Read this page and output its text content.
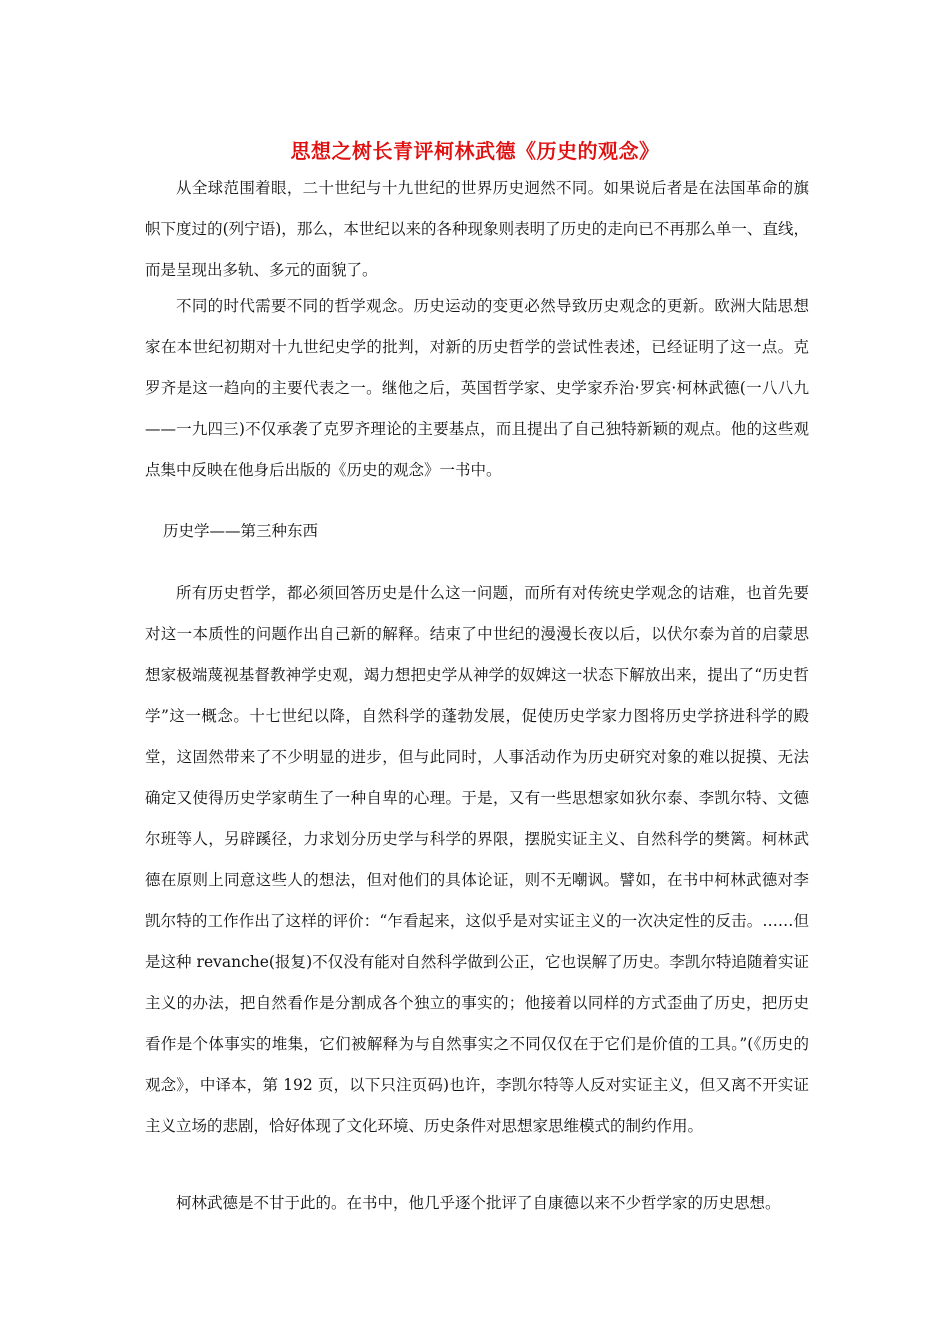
思想之树长青评柯林武德《历史的观念》

从全球范围着眼，二十世纪与十九世纪的世界历史迥然不同。如果说后者是在法国革命的旗帜下度过的(列宁语)，那么，本世纪以来的各种现象则表明了历史的走向已不再那么单一、直线，而是呈现出多轨、多元的面貌了。

不同的时代需要不同的哲学观念。历史运动的变更必然导致历史观念的更新。欧洲大陆思想家在本世纪初期对十九世纪史学的批判，对新的历史哲学的尝试性表述，已经证明了这一点。克罗齐是这一趋向的主要代表之一。继他之后，英国哲学家、史学家乔治·罗宾·柯林武德(一八八九——一九四三)不仅承袭了克罗齐理论的主要基点，而且提出了自己独特新颖的观点。他的这些观点集中反映在他身后出版的《历史的观念》一书中。

历史学——第三种东西

所有历史哲学，都必须回答历史是什么这一问题，而所有对传统史学观念的诘难，也首先要对这一本质性的问题作出自己新的解释。结束了中世纪的漫漫长夜以后，以伏尔泰为首的启蒙思想家极端蔑视基督教神学史观，竭力想把史学从神学的奴婢这一状态下解放出来，提出了“历史哲学”这一概念。十七世纪以降，自然科学的蓬勃发展，促使历史学家力图将历史学挤进科学的殿堂，这固然带来了不少明显的进步，但与此同时，人事活动作为历史研究对象的难以捉摸、无法确定又使得历史学家萌生了一种自卑的心理。于是，又有一些思想家如狄尔泰、李凯尔特、文德尔班等人，另辟蹊径，力求划分历史学与科学的界限，摆脱实证主义、自然科学的樊篱。柯林武德在原则上同意这些人的想法，但对他们的具体论证，则不无嘲讽。譬如，在书中柯林武德对李凯尔特的工作作出了这样的评价：“乍看起来，这似乎是对实证主义的一次决定性的反击。……但是这种 revanche(报复)不仅没有能对自然科学做到公正，它也误解了历史。李凯尔特追随着实证主义的办法，把自然看作是分割成各个独立的事实的；他接着以同样的方式歪曲了历史，把历史看作是个体事实的堆集，它们被解释为与自然事实之不同仅仅在于它们是价值的工具。”(《历史的观念》，中译本，第 192 页，以下只注页码)也许，李凯尔特等人反对实证主义，但又离不开实证主义立场的悲剧，恰好体现了文化环境、历史条件对思想家思维模式的制约作用。

柯林武德是不甘于此的。在书中，他几乎逐个批评了自康德以来不少哲学家的历史思想。
